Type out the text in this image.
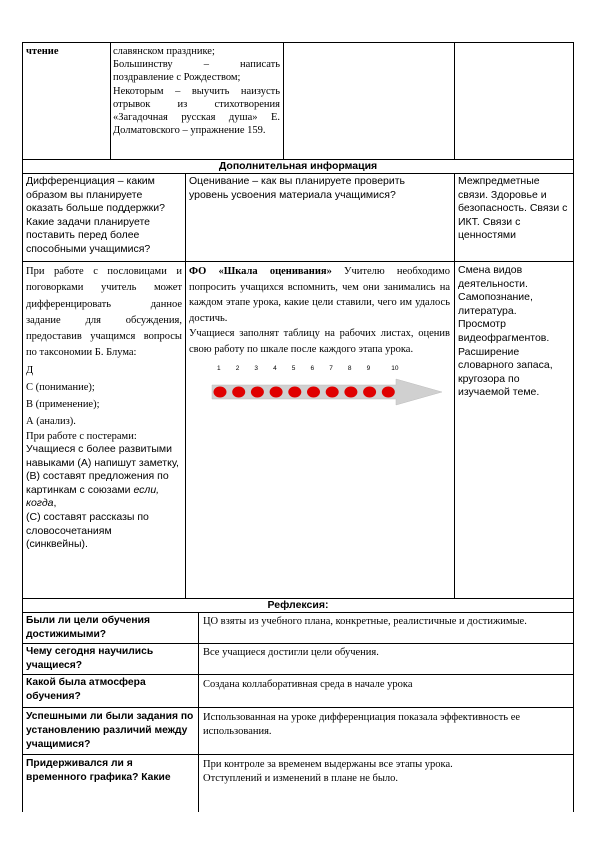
чтение	славянском празднике;

Большинству – написать поздравление с Рождеством;

Некоторым – выучить наизусть отрывок из стихотворения «Загадочная русская душа» Е. Долматовского – упражнение 159.

Дополнительная информация
Дифференциация – каким образом вы планируете оказать больше поддержки? Какие задачи планируете поставить перед более способными учащимися?
Оценивание – как вы планируете проверить уровень усвоения материала учащимися?
Межпредметные связи. Здоровье и безопасность. Связи с ИКТ. Связи с ценностями

При работе с пословицами и поговорками учитель может дифференцировать данное задание для обсуждения, предоставив учащимся вопросы по таксономии Б. Блума:

Д

С (понимание);

В (применение);

А (анализ).

При работе с постерами:

Учащиеся с более развитыми навыками (А) напишут заметку,

(В) составят предложения по картинкам с союзами если,
когда,

(С) составят рассказы по словосочетаниям

(синквейны).

ФО «Шкала оценивания» Учителю необходимо попросить учащихся вспомнить, чем они занимались на каждом этапе урока, какие цели ставили, чего им удалось достичь.

Учащиеся заполнят таблицу на рабочих листах, оценив свою работу по шкале после каждого этапа урока.

1 2 3 4 5 6 7 8 9	10

Смена видов деятельности.

Самопознание, литература.

Просмотр видеофрагментов.

Расширение словарного запаса, кругозора по изучаемой теме.

Рефлексия:
Были ли цели обучения достижимыми?
ЦО взяты из учебного плана, конкретные, реалистичные и достижимые.
Чему сегодня научились учащиеся?
Все учащиеся достигли цели обучения.
Какой была атмосфера обучения?
Создана коллаборативная среда в начале урока
Успешными ли были задания по установлению различий между учащимися?
Использованная на уроке дифференциация показала эффективность ее использования.
Придерживался ли я временного графика? Какие

При контроле за временем выдержаны все этапы урока.

Отступлений и изменений в плане не было.
